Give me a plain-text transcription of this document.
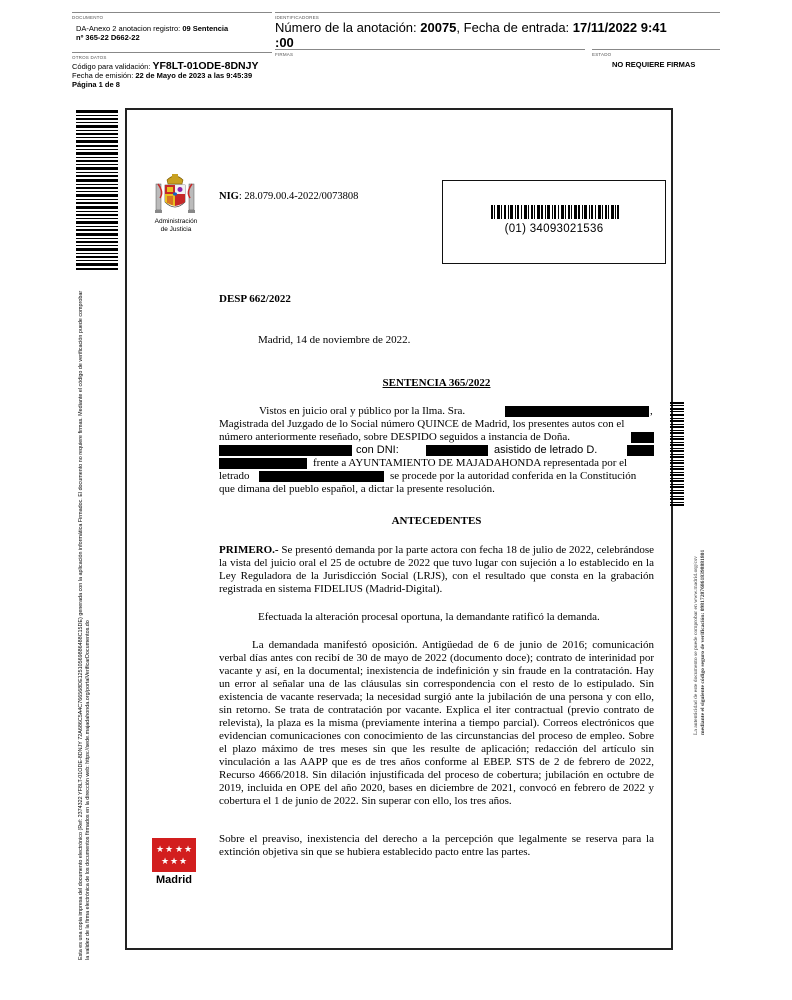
DOCUMENTO
DA-Anexo 2 anotacion registro: 09 Sentencia
nº 365-22 D662-22
IDENTIFICADORES
Número de la anotación: 20075, Fecha de entrada: 17/11/2022 9:41
:00
OTROS DATOS
Código para validación: YF8LT-01ODE-8DNJY
Fecha de emisión: 22 de Mayo de 2023 a las 9:45:39
Página 1 de 8
FIRMAS	ESTADO
NO REQUIERE FIRMAS
Esta es una copia impresa del documento electrónico (Ref: 2374322 YF8LT-01ODE-8DNJY 72A686C5A4C766568DE12510569886488C15DE) generada con la aplicación informática Firmadoc. El documento no requiere firmas. Mediante el código de verificación puede comprobar la validez de la firma electrónica de los documentos firmados en la dirección web: https://sede.majadahonda.org/portalVerificarDocumentos.do
Administración
de Justicia
NIG: 28.079.00.4-2022/0073808
(01) 34093021536
DESP 662/2022
Madrid, 14 de noviembre de 2022.
SENTENCIA 365/2022
Vistos en juicio oral y público por la Ilma. Sra.	,
Magistrada del Juzgado de lo Social número QUINCE de Madrid, los presentes autos con el
número anteriormente reseñado, sobre DESPIDO seguidos a instancia de Doña.
con DNI:	asistido de letrado D.
frente a AYUNTAMIENTO DE MAJADAHONDA representada por el
letrado	se procede por la autoridad conferida en la Constitución
que dimana del pueblo español, a dictar la presente resolución.
ANTECEDENTES
PRIMERO.- Se presentó demanda por la parte actora con fecha 18 de julio de 2022, celebrándose la vista del juicio oral el 25 de octubre de 2022 que tuvo lugar con sujeción a lo establecido en la Ley Reguladora de la Jurisdicción Social (LRJS), con el resultado que consta en la grabación registrada en sistema FIDELIUS (Madrid-Digital).
Efectuada la alteración procesal oportuna, la demandante ratificó la demanda.
La demandada manifestó oposición. Antigüedad de 6 de junio de 2016; comunicación verbal días antes con recibí de 30 de mayo de 2022 (documento doce); contrato de interinidad por vacante y así, en la documental; inexistencia de indefinición y sin fraude en la contratación. Hay un error al señalar una de las cláusulas sin correspondencia con el resto de lo estipulado. Sin existencia de vacante reservada; la necesidad surgió ante la jubilación de una persona y con ello, sin retorno. Se trata de contratación por vacante. Explica el iter contractual (previo contrato de relevista), la plaza es la misma (previamente interina a tiempo parcial). Correos electrónicos que evidencian comunicaciones con conocimiento de las circunstancias del proceso de empleo. Sobre el plazo máximo de tres meses sin que les resulte de aplicación; redacción del artículo sin vinculación a las AAPP que es de tres años conforme al EBEP. STS de 2 de febrero de 2022, Recurso 4666/2018. Sin dilación injustificada del proceso de cobertura; jubilación en octubre de 2019, incluida en OPE del año 2020, bases en diciembre de 2021, convocó en febrero de 2022 y cobertura el 1 de junio de 2022. Sin superar con ello, los tres años.
Sobre el preaviso, inexistencia del derecho a la percepción que legalmente se reserva para la extinción objetiva sin que se hubiera establecido pacto entre las partes.
★ ★ ★ ★
★ ★ ★
Madrid
La autenticidad de este documento se puede comprobar en www.madrid.org/csv mediante el siguiente código seguro de verificación: 0981728768618398881801
